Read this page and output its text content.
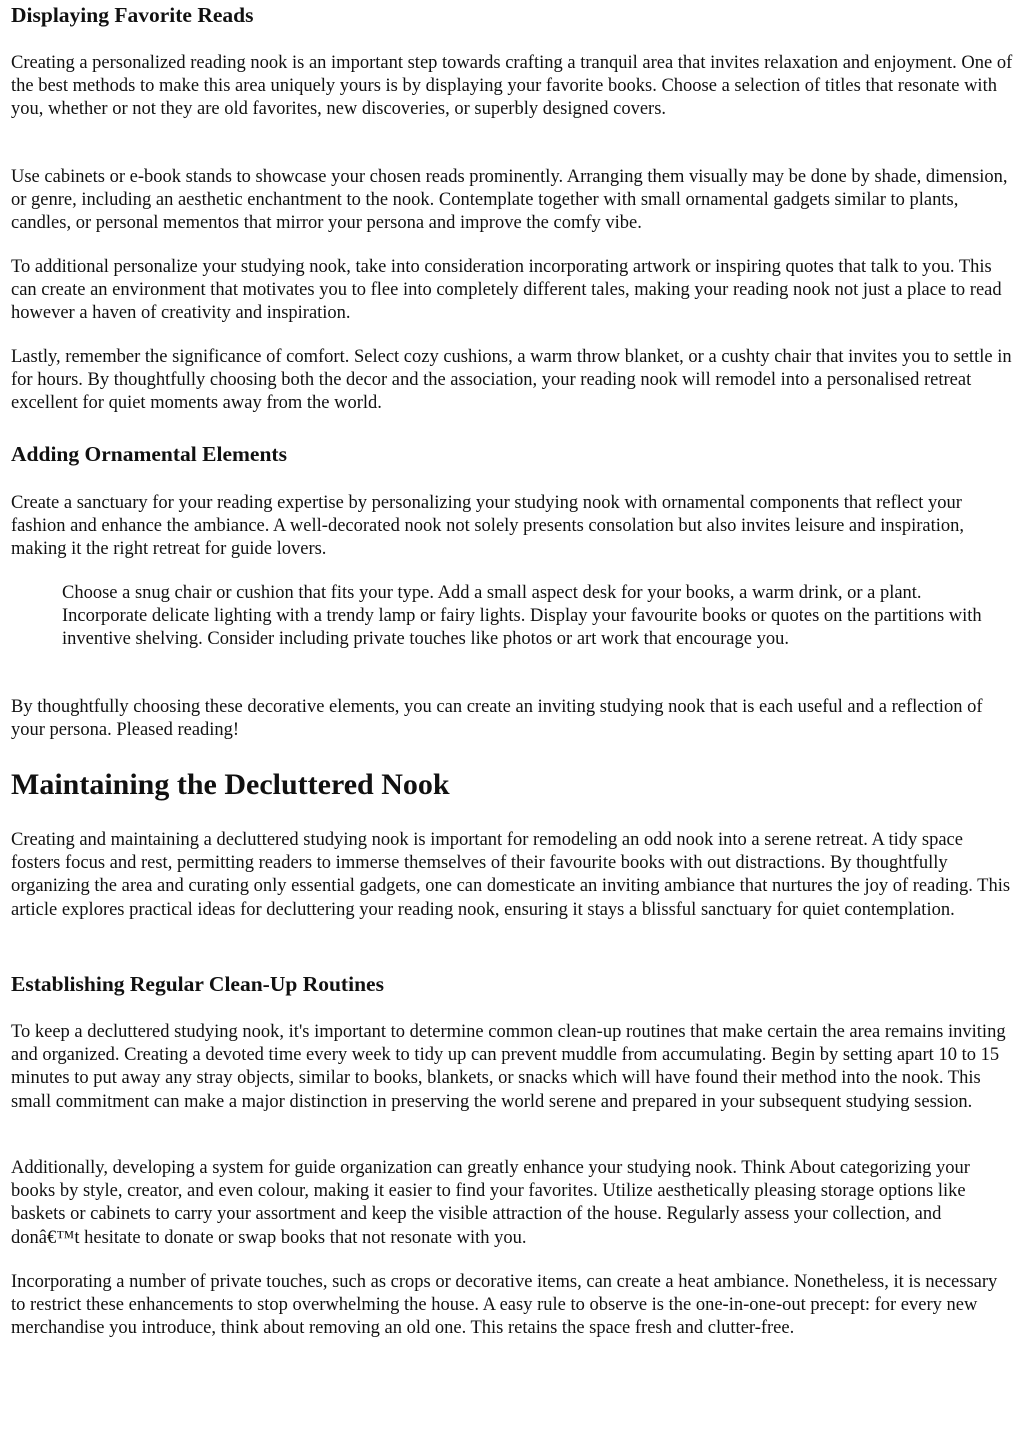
Displaying Favorite Reads

Creating a personalized reading nook is an important step towards crafting a tranquil area that invites relaxation and enjoyment. One of the best methods to make this area uniquely yours is by displaying your favorite books. Choose a selection of titles that resonate with you, whether or not they are old favorites, new discoveries, or superbly designed covers.

Use cabinets or e-book stands to showcase your chosen reads prominently. Arranging them visually may be done by shade, dimension, or genre, including an aesthetic enchantment to the nook. Contemplate together with small ornamental gadgets similar to plants, candles, or personal mementos that mirror your persona and improve the comfy vibe.

To additional personalize your studying nook, take into consideration incorporating artwork or inspiring quotes that talk to you. This can create an environment that motivates you to flee into completely different tales, making your reading nook not just a place to read however a haven of creativity and inspiration.

Lastly, remember the significance of comfort. Select cozy cushions, a warm throw blanket, or a cushty chair that invites you to settle in for hours. By thoughtfully choosing both the decor and the association, your reading nook will remodel into a personalised retreat excellent for quiet moments away from the world.

Adding Ornamental Elements

Create a sanctuary for your reading expertise by personalizing your studying nook with ornamental components that reflect your fashion and enhance the ambiance. A well-decorated nook not solely presents consolation but also invites leisure and inspiration, making it the right retreat for guide lovers.

Choose a snug chair or cushion that fits your type. Add a small aspect desk for your books, a warm drink, or a plant. Incorporate delicate lighting with a trendy lamp or fairy lights. Display your favourite books or quotes on the partitions with inventive shelving. Consider including private touches like photos or art work that encourage you.

By thoughtfully choosing these decorative elements, you can create an inviting studying nook that is each useful and a reflection of your persona. Pleased reading!

Maintaining the Decluttered Nook

Creating and maintaining a decluttered studying nook is important for remodeling an odd nook into a serene retreat. A tidy space fosters focus and rest, permitting readers to immerse themselves of their favourite books with out distractions. By thoughtfully organizing the area and curating only essential gadgets, one can domesticate an inviting ambiance that nurtures the joy of reading. This article explores practical ideas for decluttering your reading nook, ensuring it stays a blissful sanctuary for quiet contemplation.

Establishing Regular Clean-Up Routines

To keep a decluttered studying nook, it's important to determine common clean-up routines that make certain the area remains inviting and organized. Creating a devoted time every week to tidy up can prevent muddle from accumulating. Begin by setting apart 10 to 15 minutes to put away any stray objects, similar to books, blankets, or snacks which will have found their method into the nook. This small commitment can make a major distinction in preserving the world serene and prepared in your subsequent studying session.

Additionally, developing a system for guide organization can greatly enhance your studying nook. Think About categorizing your books by style, creator, and even colour, making it easier to find your favorites. Utilize aesthetically pleasing storage options like baskets or cabinets to carry your assortment and keep the visible attraction of the house. Regularly assess your collection, and donâ€™t hesitate to donate or swap books that not resonate with you.

Incorporating a number of private touches, such as crops or decorative items, can create a heat ambiance. Nonetheless, it is necessary to restrict these enhancements to stop overwhelming the house. A easy rule to observe is the one-in-one-out precept: for every new merchandise you introduce, think about removing an old one. This retains the space fresh and clutter-free.
